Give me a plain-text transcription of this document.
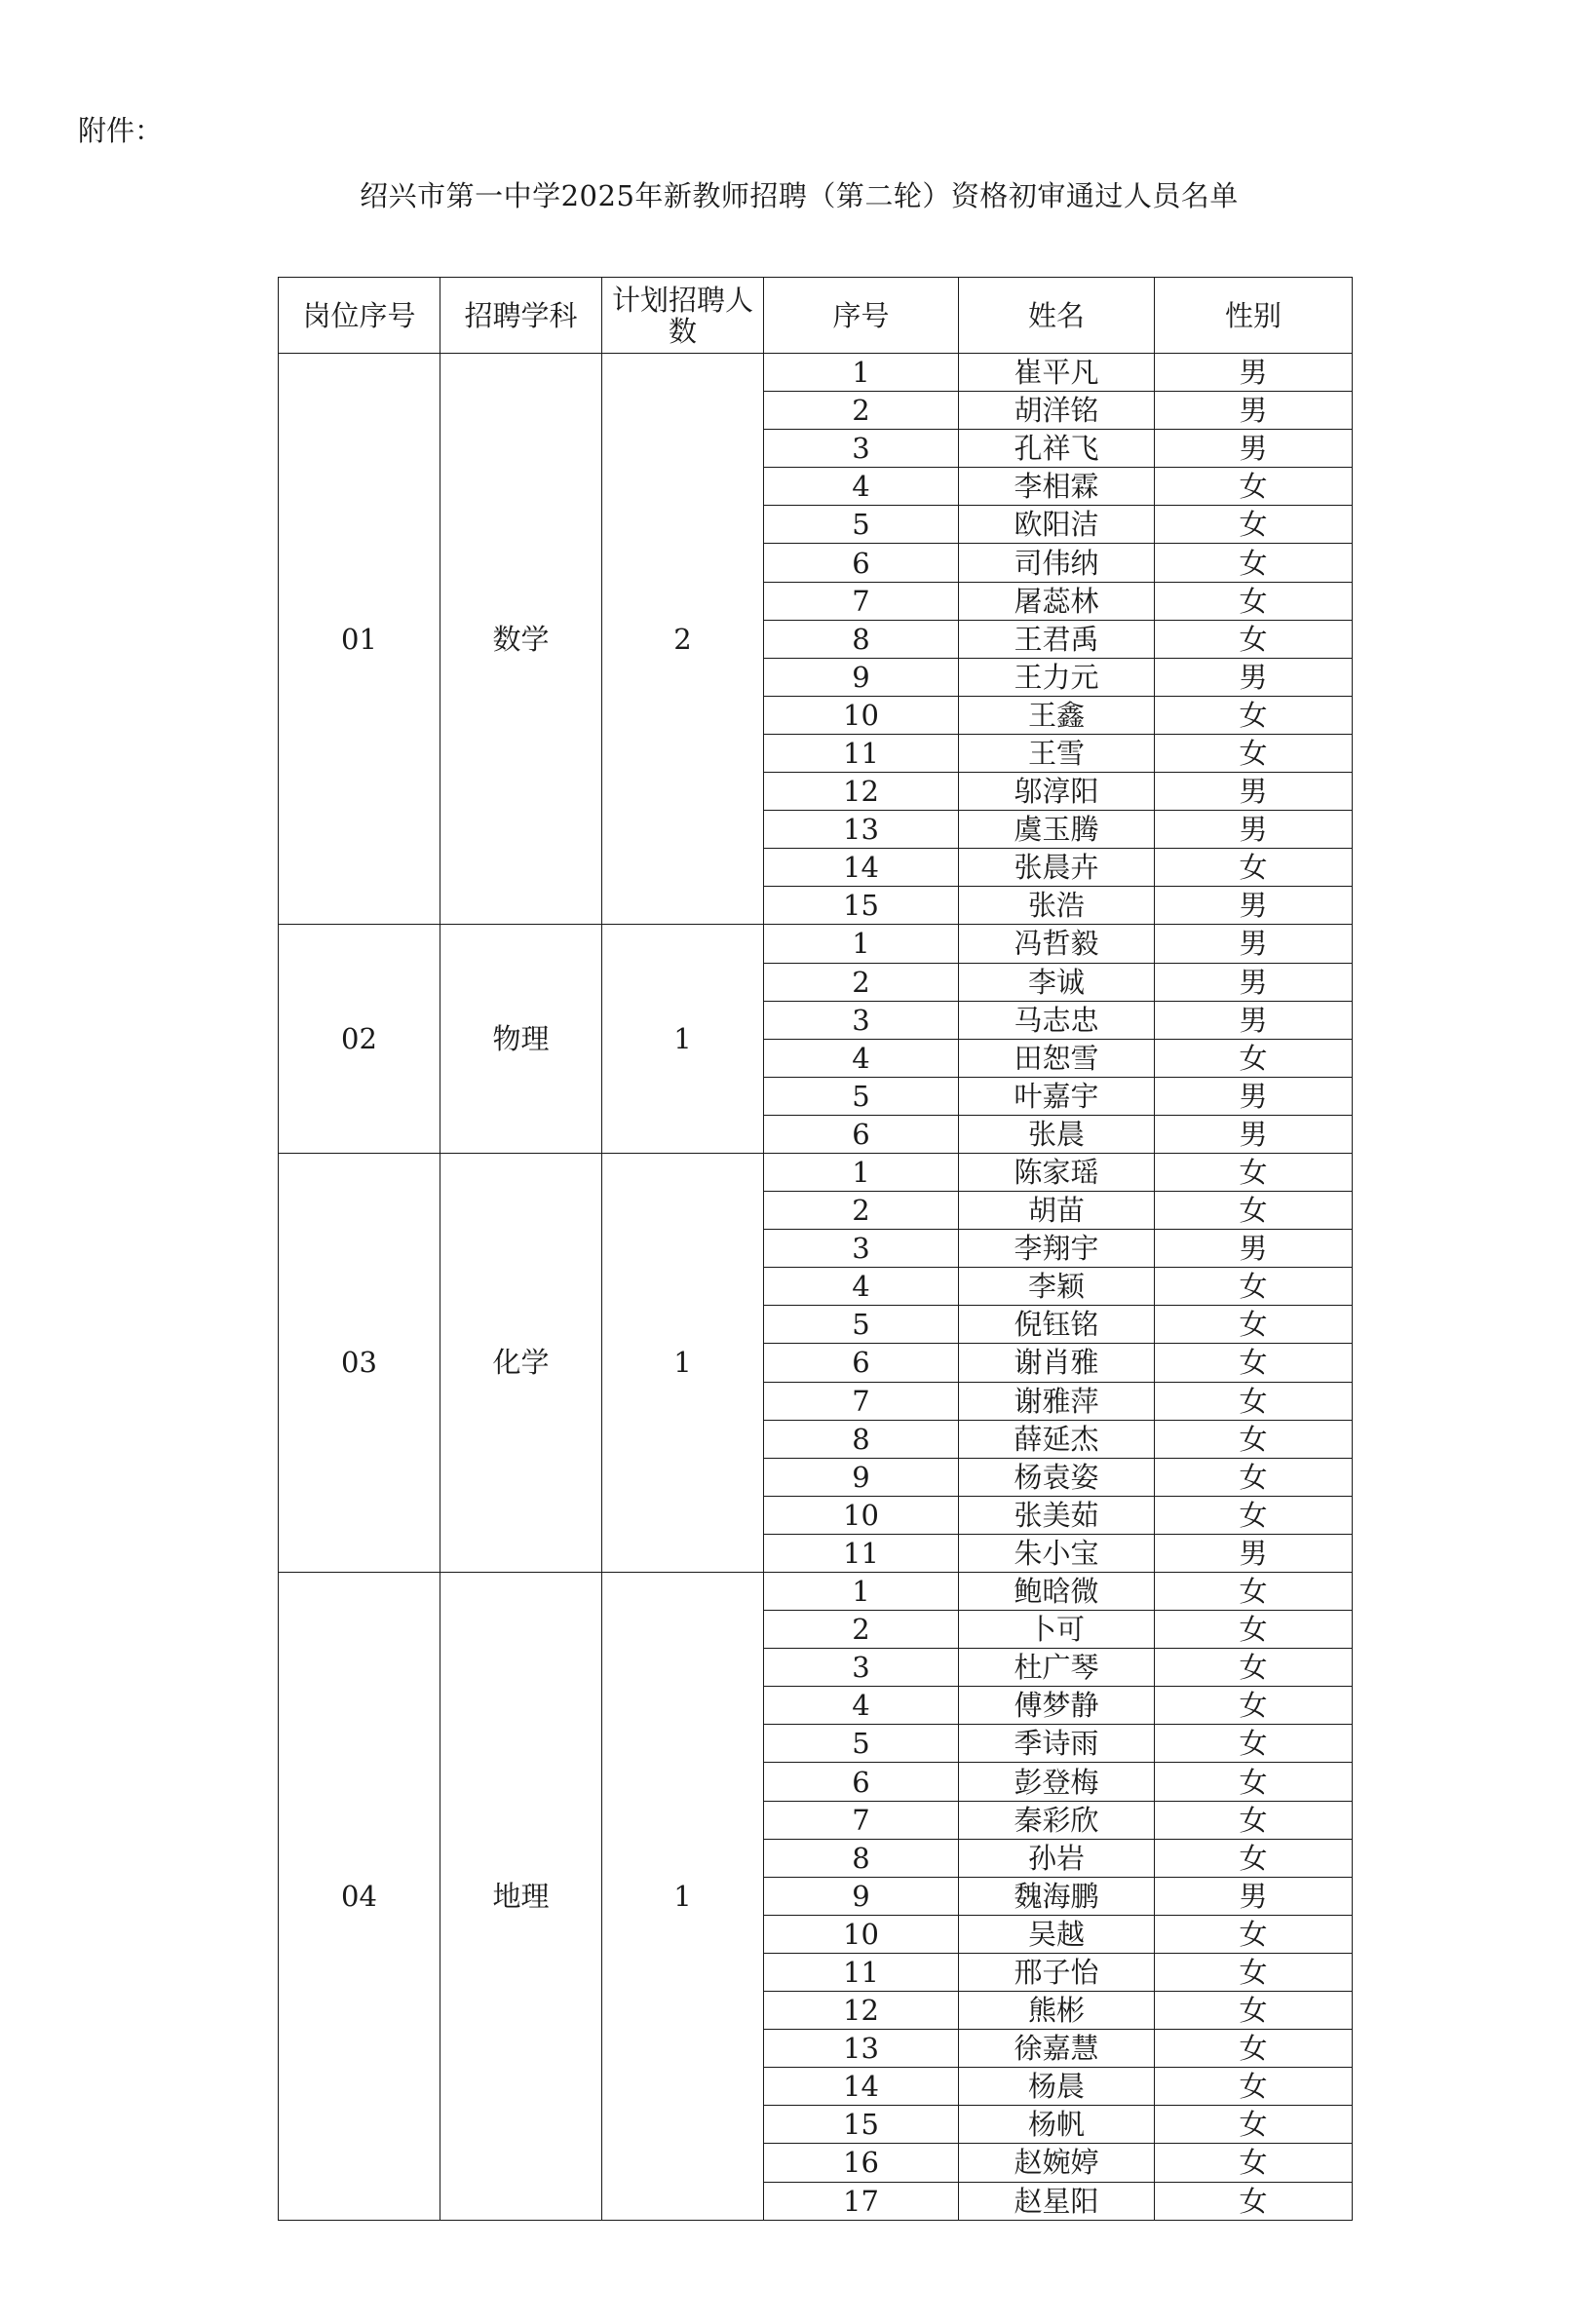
附件：
绍兴市第一中学2025年新教师招聘（第二轮）资格初审通过人员名单
岗位序号	招聘学科	计划招聘人数	序号	姓名	性别
01	数学	2	1	崔平凡	男
			2	胡洋铭	男
			3	孔祥飞	男
			4	李相霖	女
			5	欧阳洁	女
			6	司伟纳	女
			7	屠蕊林	女
			8	王君禹	女
			9	王力元	男
			10	王鑫	女
			11	王雪	女
			12	邬淳阳	男
			13	虞玉腾	男
			14	张晨卉	女
			15	张浩	男
02	物理	1	1	冯哲毅	男
			2	李诚	男
			3	马志忠	男
			4	田恕雪	女
			5	叶嘉宇	男
			6	张晨	男
03	化学	1	1	陈家瑶	女
			2	胡苗	女
			3	李翔宇	男
			4	李颖	女
			5	倪钰铭	女
			6	谢肖雅	女
			7	谢雅萍	女
			8	薛延杰	女
			9	杨袁姿	女
			10	张美茹	女
			11	朱小宝	男
04	地理	1	1	鲍晗微	女
			2	卜可	女
			3	杜广琴	女
			4	傅梦静	女
			5	季诗雨	女
			6	彭登梅	女
			7	秦彩欣	女
			8	孙岩	女
			9	魏海鹏	男
			10	吴越	女
			11	邢子怡	女
			12	熊彬	女
			13	徐嘉慧	女
			14	杨晨	女
			15	杨帆	女
			16	赵婉婷	女
			17	赵星阳	女
